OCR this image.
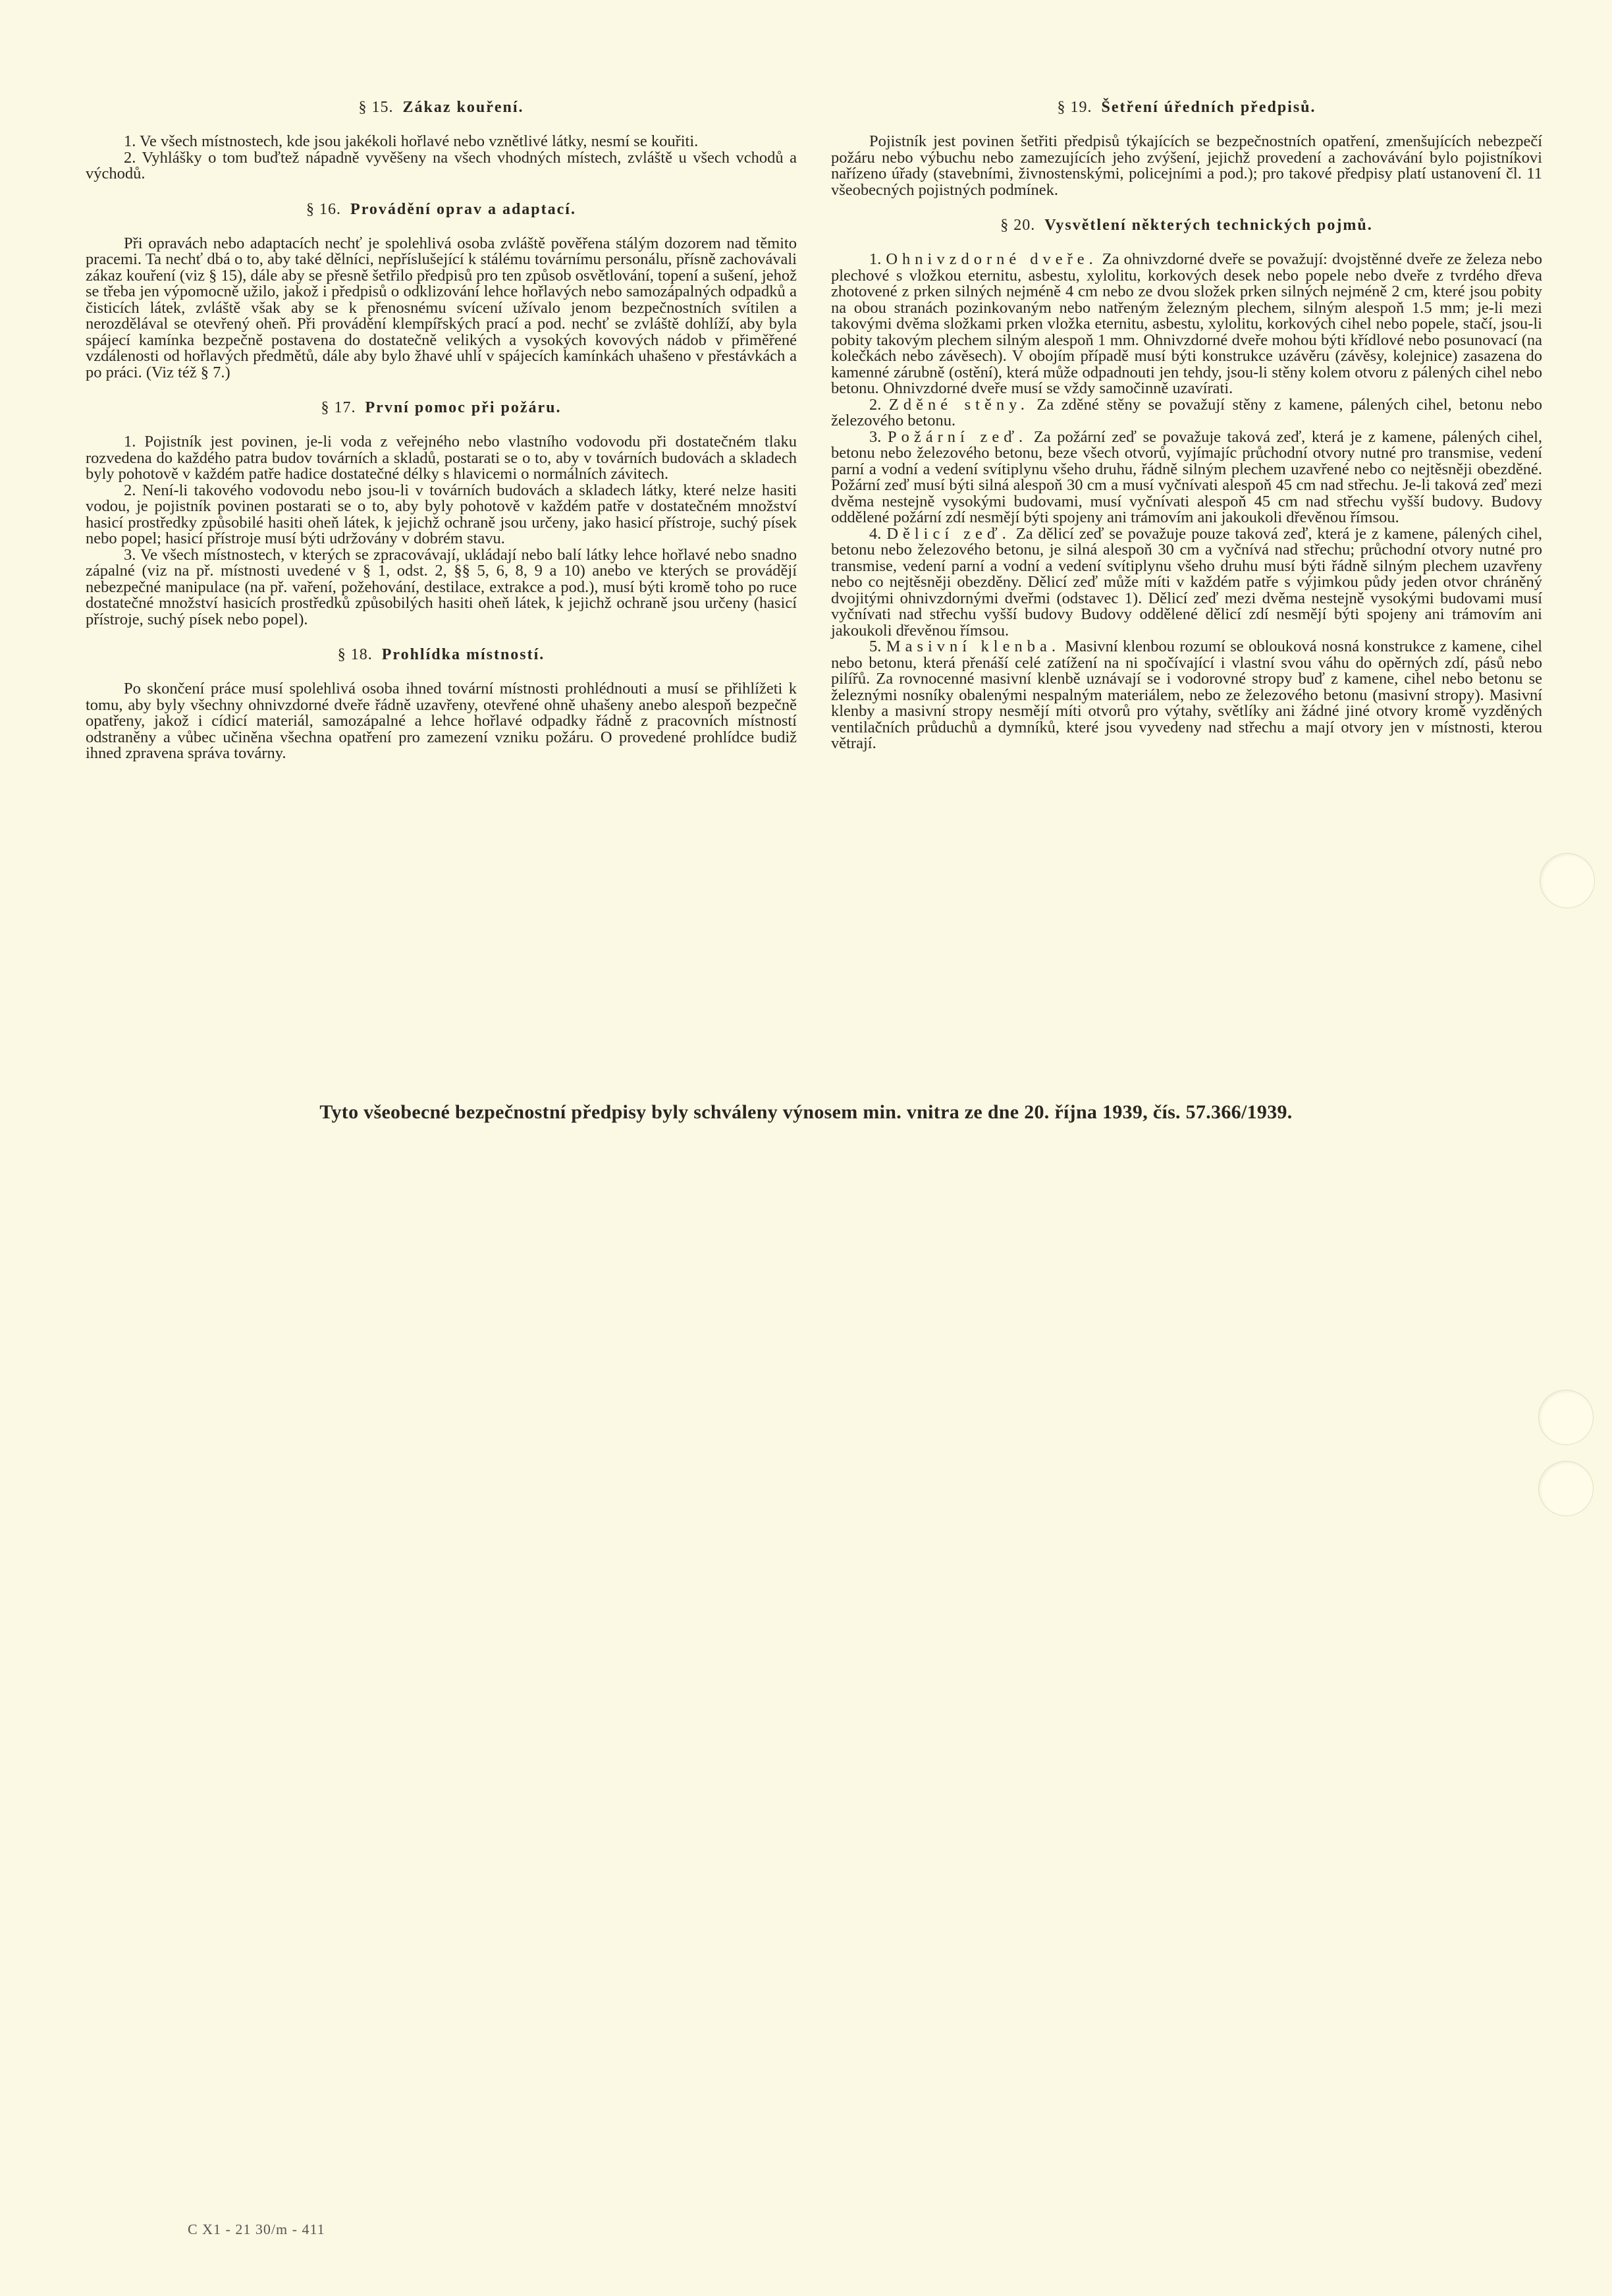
§ 15. Zákaz kouření.

1. Ve všech místnostech, kde jsou jakékoli hořlavé nebo vznětlivé látky, nesmí se kouřiti.

2. Vyhlášky o tom buďtež nápadně vyvěšeny na všech vhodných místech, zvláště u všech vchodů a východů.

§ 16. Provádění oprav a adaptací.

Při opravách nebo adaptacích nechť je spolehlivá osoba zvláště pověřena stálým dozorem nad těmito pracemi. Ta nechť dbá o to, aby také dělníci, nepříslušející k stálému továrnímu personálu, přísně zachovávali zákaz kouření (viz § 15), dále aby se přesně šetřilo předpisů pro ten způsob osvětlování, topení a sušení, jehož se třeba jen výpomocně užilo, jakož i předpisů o odklizování lehce hořlavých nebo samozápalných odpadků a čisticích látek, zvláště však aby se k přenosnému svícení užívalo jenom bezpečnostních svítilen a nerozdělával se otevřený oheň. Při provádění klempířských prací a pod. nechť se zvláště dohlíží, aby byla spájecí kamínka bezpečně postavena do dostatečně velikých a vysokých kovových nádob v přiměřené vzdálenosti od hořlavých předmětů, dále aby bylo žhavé uhlí v spájecích kamínkách uhašeno v přestávkách a po práci. (Viz též § 7.)

§ 17. První pomoc při požáru.

1. Pojistník jest povinen, je-li voda z veřejného nebo vlastního vodovodu při dostatečném tlaku rozvedena do každého patra budov továrních a skladů, postarati se o to, aby v továrních budovách a skladech byly pohotově v každém patře hadice dostatečné délky s hlavicemi o normálních závitech.

2. Není-li takového vodovodu nebo jsou-li v továrních budovách a skladech látky, které nelze hasiti vodou, je pojistník povinen postarati se o to, aby byly pohotově v každém patře v dostatečném množství hasicí prostředky způsobilé hasiti oheň látek, k jejichž ochraně jsou určeny, jako hasicí přístroje, suchý písek nebo popel; hasicí přístroje musí býti udržovány v dobrém stavu.

3. Ve všech místnostech, v kterých se zpracovávají, ukládají nebo balí látky lehce hořlavé nebo snadno zápalné (viz na př. místnosti uvedené v § 1, odst. 2, §§ 5, 6, 8, 9 a 10) anebo ve kterých se provádějí nebezpečné manipulace (na př. vaření, požehování, destilace, extrakce a pod.), musí býti kromě toho po ruce dostatečné množství hasicích prostředků způsobilých hasiti oheň látek, k jejichž ochraně jsou určeny (hasicí přístroje, suchý písek nebo popel).

§ 18. Prohlídka místností.

Po skončení práce musí spolehlivá osoba ihned tovární místnosti prohlédnouti a musí se přihlížeti k tomu, aby byly všechny ohnivzdorné dveře řádně uzavřeny, otevřené ohně uhašeny anebo alespoň bezpečně opatřeny, jakož i cídicí materiál, samozápalné a lehce hořlavé odpadky řádně z pracovních místností odstraněny a vůbec učiněna všechna opatření pro zamezení vzniku požáru. O provedené prohlídce budiž ihned zpravena správa továrny.

§ 19. Šetření úředních předpisů.

Pojistník jest povinen šetřiti předpisů týkajících se bezpečnostních opatření, zmenšujících nebezpečí požáru nebo výbuchu nebo zamezujících jeho zvýšení, jejichž provedení a zachovávání bylo pojistníkovi nařízeno úřady (stavebními, živnostenskými, policejními a pod.); pro takové předpisy platí ustanovení čl. 11 všeobecných pojistných podmínek.

§ 20. Vysvětlení některých technických pojmů.

1. Ohnivzdorné dveře. Za ohnivzdorné dveře se považují: dvojstěnné dveře ze železa nebo plechové s vložkou eternitu, asbestu, xylolitu, korkových desek nebo popele nebo dveře z tvrdého dřeva zhotovené z prken silných nejméně 4 cm nebo ze dvou složek prken silných nejméně 2 cm, které jsou pobity na obou stranách pozinkovaným nebo natřeným železným plechem, silným alespoň 1.5 mm; je-li mezi takovými dvěma složkami prken vložka eternitu, asbestu, xylolitu, korkových cihel nebo popele, stačí, jsou-li pobity takovým plechem silným alespoň 1 mm. Ohnivzdorné dveře mohou býti křídlové nebo posunovací (na kolečkách nebo závěsech). V obojím případě musí býti konstrukce uzávěru (závěsy, kolejnice) zasazena do kamenné zárubně (ostění), která může odpadnouti jen tehdy, jsou-li stěny kolem otvoru z pálených cihel nebo betonu. Ohnivzdorné dveře musí se vždy samočinně uzavírati.

2. Zděné stěny. Za zděné stěny se považují stěny z kamene, pálených cihel, betonu nebo železového betonu.

3. Požární zeď. Za požární zeď se považuje taková zeď, která je z kamene, pálených cihel, betonu nebo železového betonu, beze všech otvorů, vyjímajíc průchodní otvory nutné pro transmise, vedení parní a vodní a vedení svítiplynu všeho druhu, řádně silným plechem uzavřené nebo co nejtěsněji obezděné. Požární zeď musí býti silná alespoň 30 cm a musí vyčnívati alespoň 45 cm nad střechu. Je-li taková zeď mezi dvěma nestejně vysokými budovami, musí vyčnívati alespoň 45 cm nad střechu vyšší budovy. Budovy oddělené požární zdí nesmějí býti spojeny ani trámovím ani jakoukoli dřevěnou římsou.

4. Dělicí zeď. Za dělicí zeď se považuje pouze taková zeď, která je z kamene, pálených cihel, betonu nebo železového betonu, je silná alespoň 30 cm a vyčnívá nad střechu; průchodní otvory nutné pro transmise, vedení parní a vodní a vedení svítiplynu všeho druhu musí býti řádně silným plechem uzavřeny nebo co nejtěsněji obezděny. Dělicí zeď může míti v každém patře s výjimkou půdy jeden otvor chráněný dvojitými ohnivzdornými dveřmi (odstavec 1). Dělicí zeď mezi dvěma nestejně vysokými budovami musí vyčnívati nad střechu vyšší budovy Budovy oddělené dělicí zdí nesmějí býti spojeny ani trámovím ani jakoukoli dřevěnou římsou.

5. Masivní klenba. Masivní klenbou rozumí se oblouková nosná konstrukce z kamene, cihel nebo betonu, která přenáší celé zatížení na ni spočívající i vlastní svou váhu do opěrných zdí, pásů nebo pilířů. Za rovnocenné masivní klenbě uznávají se i vodorovné stropy buď z kamene, cihel nebo betonu se železnými nosníky obalenými nespalným materiálem, nebo ze železového betonu (masivní stropy). Masivní klenby a masivní stropy nesmějí míti otvorů pro výtahy, světlíky ani žádné jiné otvory kromě vyzděných ventilačních průduchů a dymníků, které jsou vyvedeny nad střechu a mají otvory jen v místnosti, kterou větrají.

Tyto všeobecné bezpečnostní předpisy byly schváleny výnosem min. vnitra ze dne 20. října 1939, čís. 57.366/1939.
C X1 - 21 30/m - 411
